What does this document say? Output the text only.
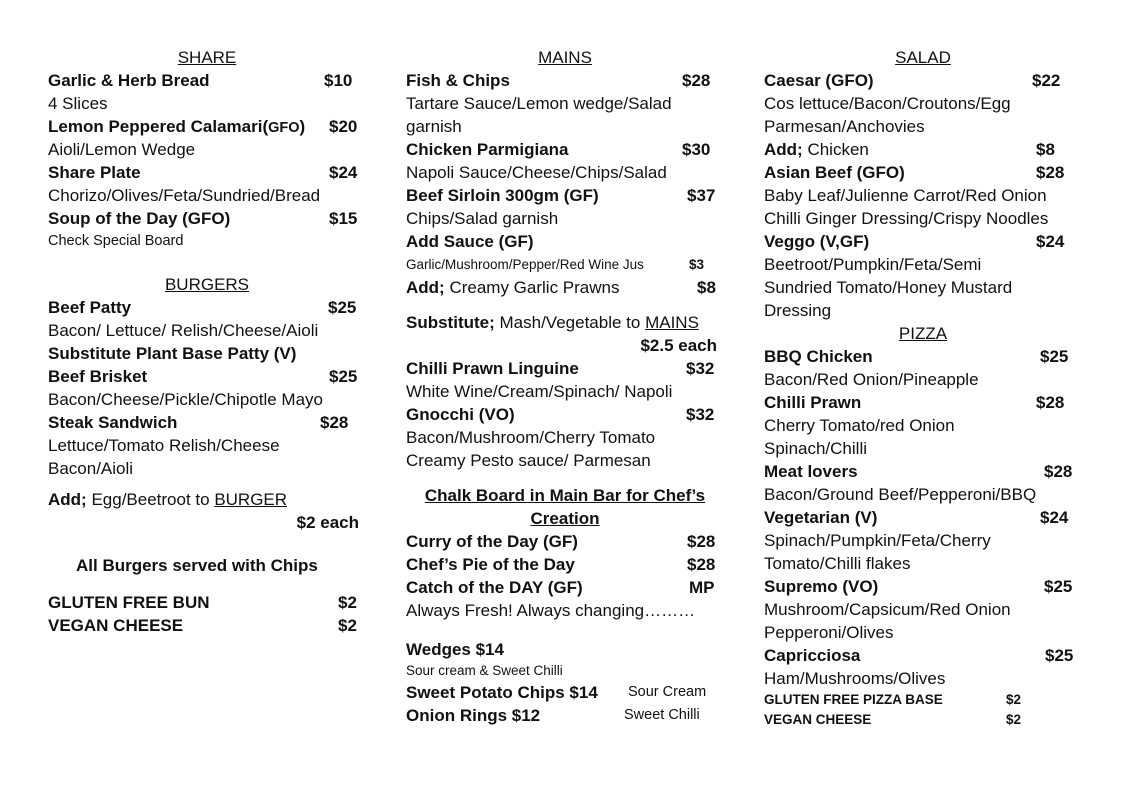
SHARE
Garlic & Herb Bread	$10
4 Slices
Lemon Peppered Calamari(GFO) $20
Aioli/Lemon Wedge
Share Plate	$24
Chorizo/Olives/Feta/Sundried/Bread
Soup of the Day (GFO)	$15
Check Special Board
BURGERS
Beef Patty	$25
Bacon/ Lettuce/ Relish/Cheese/Aioli
Substitute Plant Base Patty (V)
Beef Brisket	$25
Bacon/Cheese/Pickle/Chipotle Mayo
Steak Sandwich	$28
Lettuce/Tomato Relish/Cheese
Bacon/Aioli
Add; Egg/Beetroot to BURGER
$2 each
All Burgers served with Chips
GLUTEN FREE BUN	$2
VEGAN CHEESE	$2
MAINS
Fish & Chips	$28
Tartare Sauce/Lemon wedge/Salad
garnish
Chicken Parmigiana	$30
Napoli Sauce/Cheese/Chips/Salad
Beef Sirloin 300gm (GF)	$37
Chips/Salad garnish
Add Sauce (GF)
Garlic/Mushroom/Pepper/Red Wine Jus	$3
Add; Creamy Garlic Prawns	$8
Substitute; Mash/Vegetable to MAINS
$2.5 each
Chilli Prawn Linguine	$32
White Wine/Cream/Spinach/ Napoli
Gnocchi (VO)	$32
Bacon/Mushroom/Cherry Tomato
Creamy Pesto sauce/ Parmesan
Chalk Board in Main Bar for Chef’s
Creation
Curry of the Day (GF)	$28
Chef’s Pie of the Day	$28
Catch of the DAY (GF)	MP
Always Fresh! Always changing………
Wedges $14
Sour cream & Sweet Chilli
Sweet Potato Chips $14 Sour Cream
Onion Rings $12	Sweet Chilli
SALAD
Caesar (GFO)	$22
Cos lettuce/Bacon/Croutons/Egg
Parmesan/Anchovies
Add; Chicken	$8
Asian Beef (GFO)	$28
Baby Leaf/Julienne Carrot/Red Onion
Chilli Ginger Dressing/Crispy Noodles
Veggo (V,GF)	$24
Beetroot/Pumpkin/Feta/Semi
Sundried Tomato/Honey Mustard
Dressing
PIZZA
BBQ Chicken	$25
Bacon/Red Onion/Pineapple
Chilli Prawn	$28
Cherry Tomato/red Onion
Spinach/Chilli
Meat lovers	$28
Bacon/Ground Beef/Pepperoni/BBQ
Vegetarian (V)	$24
Spinach/Pumpkin/Feta/Cherry
Tomato/Chilli flakes
Supremo (VO)	$25
Mushroom/Capsicum/Red Onion
Pepperoni/Olives
Capricciosa	$25
Ham/Mushrooms/Olives
GLUTEN FREE PIZZA BASE	$2
VEGAN CHEESE	$2
